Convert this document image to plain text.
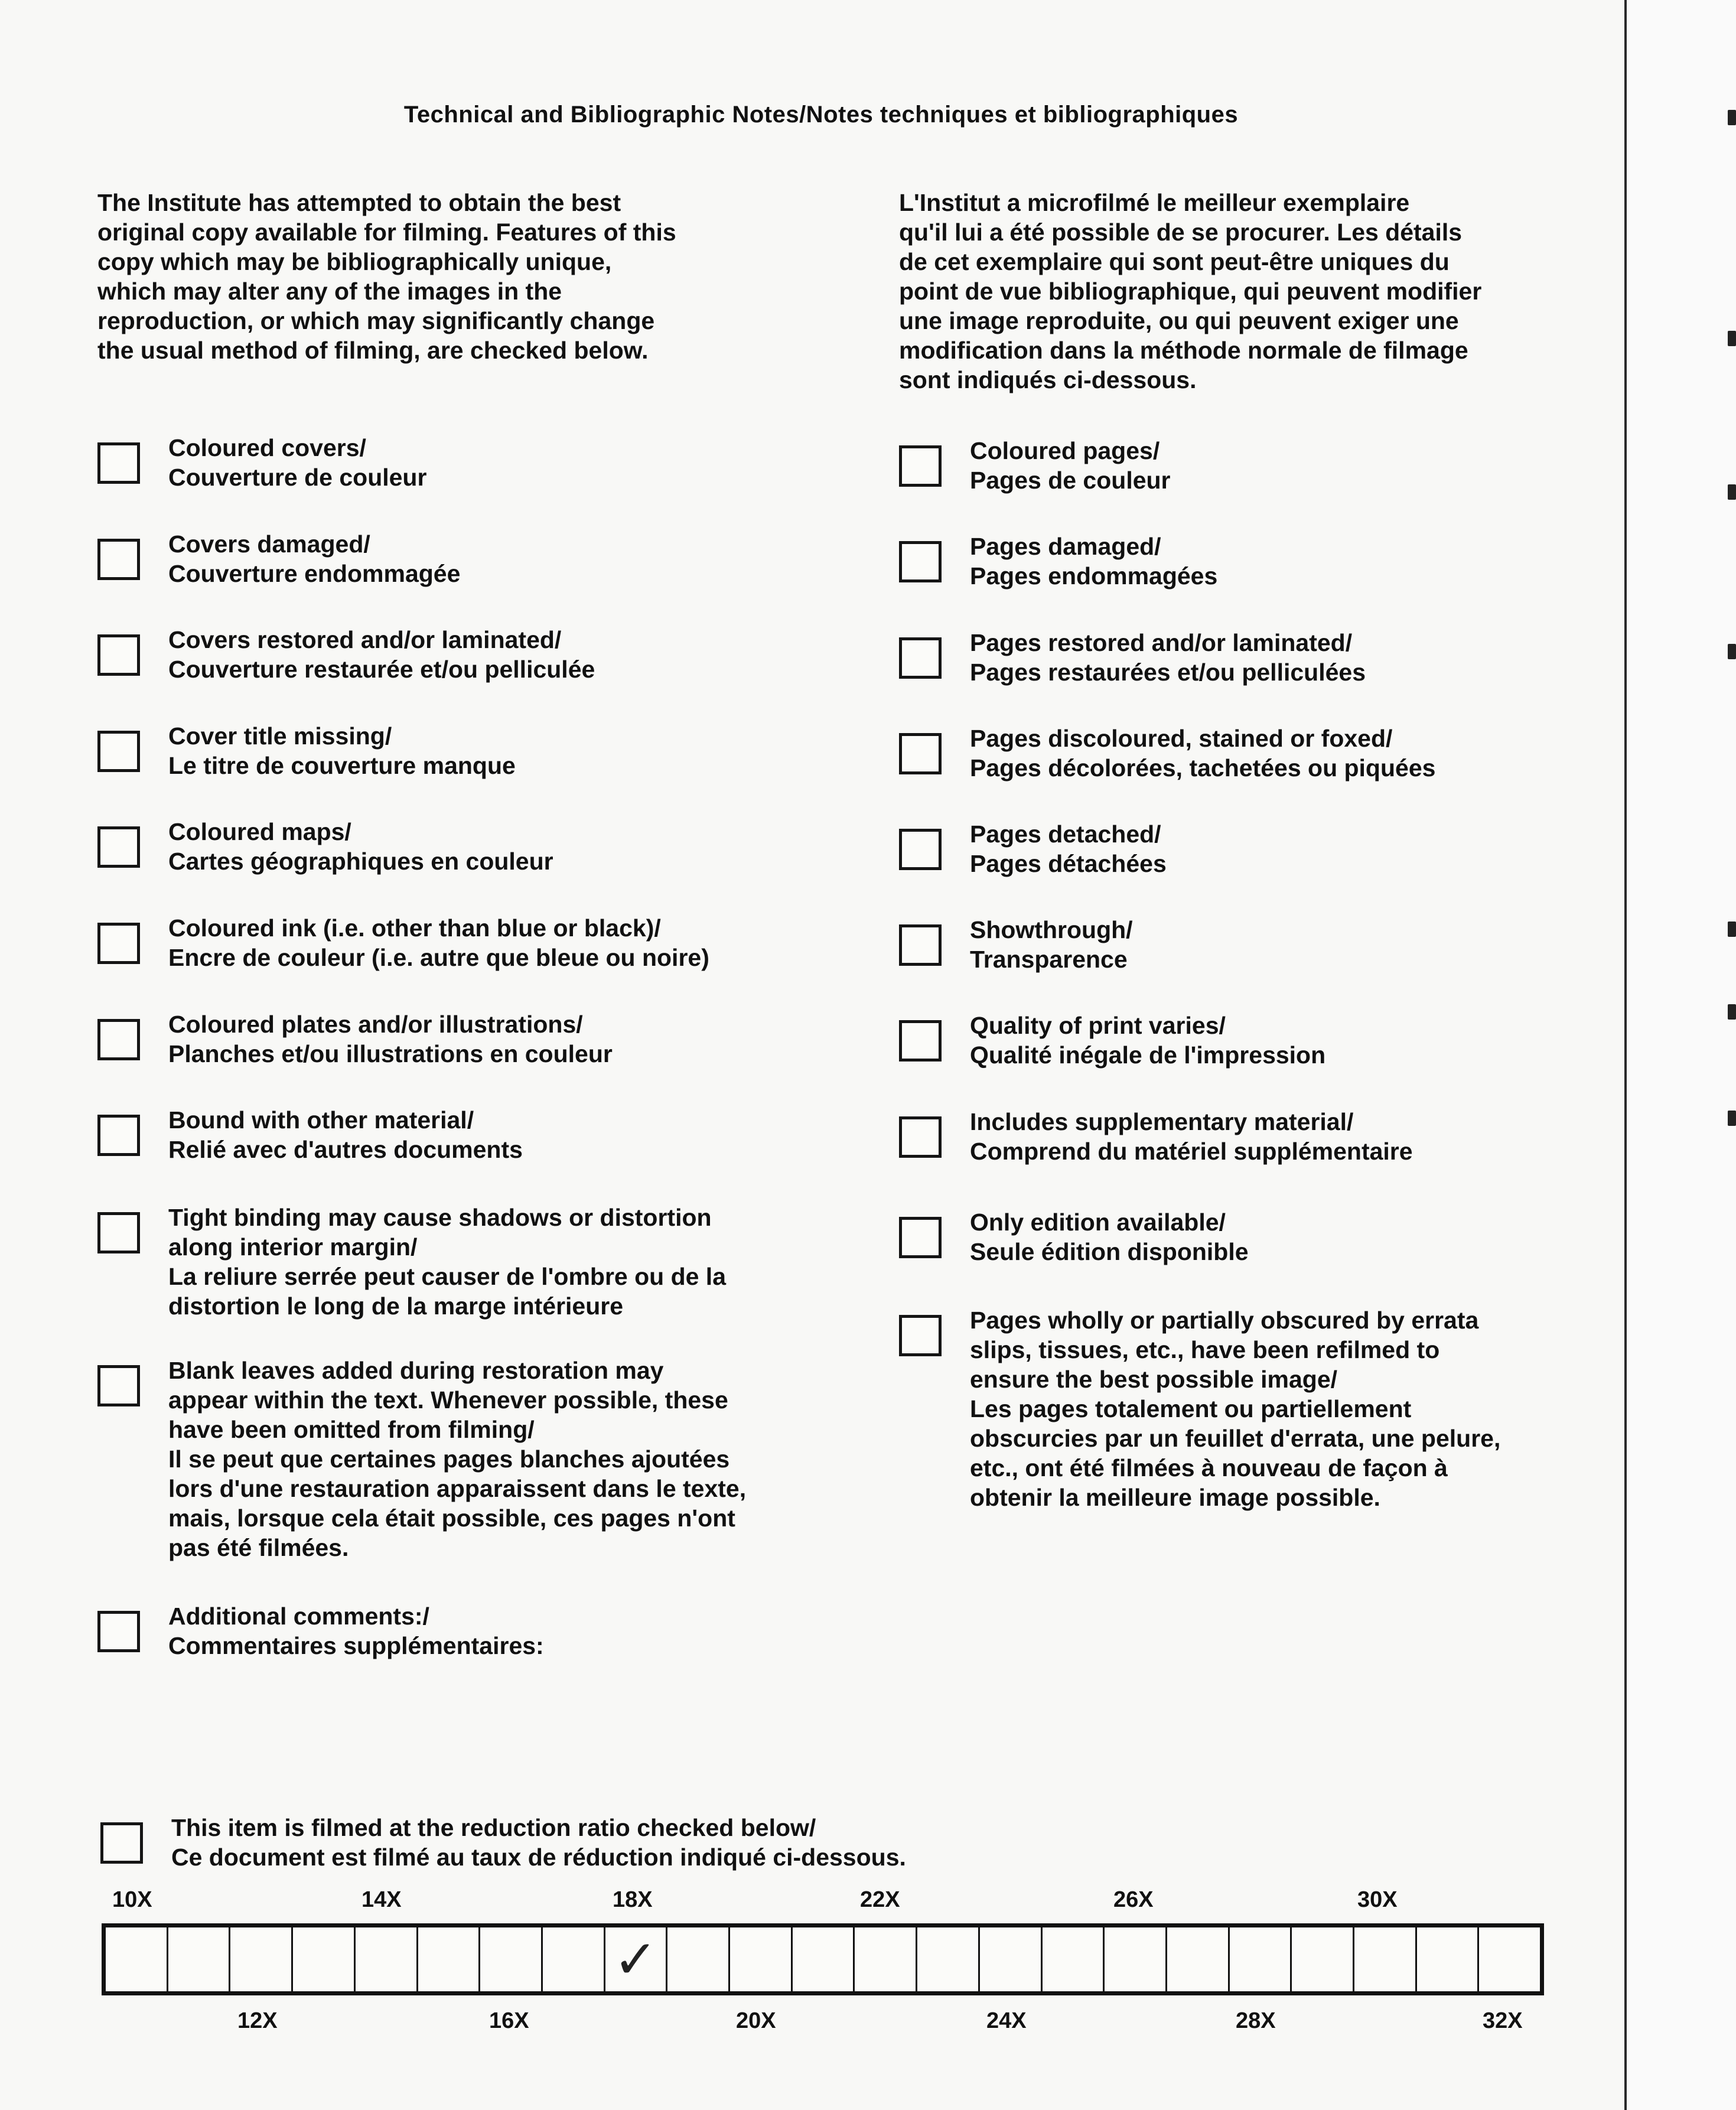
Technical and Bibliographic Notes/Notes techniques et bibliographiques
The Institute has attempted to obtain the best
original copy available for filming. Features of this
copy which may be bibliographically unique,
which may alter any of the images in the
reproduction, or which may significantly change
the usual method of filming, are checked below.
L'Institut a microfilmé le meilleur exemplaire
qu'il lui a été possible de se procurer. Les détails
de cet exemplaire qui sont peut-être uniques du
point de vue bibliographique, qui peuvent modifier
une image reproduite, ou qui peuvent exiger une
modification dans la méthode normale de filmage
sont indiqués ci-dessous.
Coloured covers/
Couverture de couleur
Covers damaged/
Couverture endommagée
Covers restored and/or laminated/
Couverture restaurée et/ou pelliculée
Cover title missing/
Le titre de couverture manque
Coloured maps/
Cartes géographiques en couleur
Coloured ink (i.e. other than blue or black)/
Encre de couleur (i.e. autre que bleue ou noire)
Coloured plates and/or illustrations/
Planches et/ou illustrations en couleur
Bound with other material/
Relié avec d'autres documents
Tight binding may cause shadows or distortion
along interior margin/
La reliure serrée peut causer de l'ombre ou de la
distortion le long de la marge intérieure
Blank leaves added during restoration may
appear within the text. Whenever possible, these
have been omitted from filming/
Il se peut que certaines pages blanches ajoutées
lors d'une restauration apparaissent dans le texte,
mais, lorsque cela était possible, ces pages n'ont
pas été filmées.
Additional comments:/
Commentaires supplémentaires:
Coloured pages/
Pages de couleur
Pages damaged/
Pages endommagées
Pages restored and/or laminated/
Pages restaurées et/ou pelliculées
Pages discoloured, stained or foxed/
Pages décolorées, tachetées ou piquées
Pages detached/
Pages détachées
Showthrough/
Transparence
Quality of print varies/
Qualité inégale de l'impression
Includes supplementary material/
Comprend du matériel supplémentaire
Only edition available/
Seule édition disponible
Pages wholly or partially obscured by errata
slips, tissues, etc., have been refilmed to
ensure the best possible image/
Les pages totalement ou partiellement
obscurcies par un feuillet d'errata, une pelure,
etc., ont été filmées à nouveau de façon à
obtenir la meilleure image possible.
This item is filmed at the reduction ratio checked below/
Ce document est filmé au taux de réduction indiqué ci-dessous.
10X	14X	18X	22X	26X	30X
✓
12X	16X	20X	24X	28X	32X
